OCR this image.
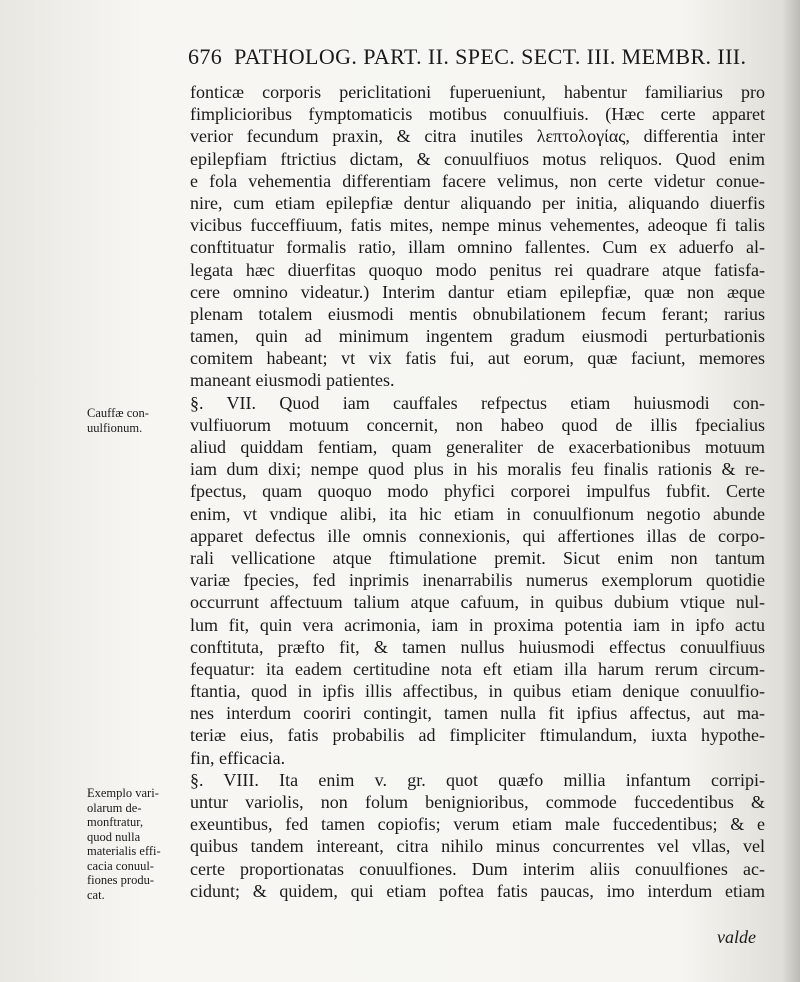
676 PATHOLOG. PART. II. SPEC. SECT. III. MEMBR. III.
fonticæ corporis periclitationi fuperueniunt, habentur familiarius pro
fimplicioribus fymptomaticis motibus conuulfiuis. (Hæc certe apparet
verior fecundum praxin, & citra inutiles λεπτολογίας, differentia inter
epilepfiam ftrictius dictam, & conuulfiuos motus reliquos. Quod enim
e fola vehementia differentiam facere velimus, non certe videtur conue-
nire, cum etiam epilepfiæ dentur aliquando per initia, aliquando diuerfis
vicibus fucceffiuum, fatis mites, nempe minus vehementes, adeoque fi talis
conftituatur formalis ratio, illam omnino fallentes. Cum ex aduerfo al-
legata hæc diuerfitas quoquo modo penitus rei quadrare atque fatisfa-
cere omnino videatur.) Interim dantur etiam epilepfiæ, quæ non æque
plenam totalem eiusmodi mentis obnubilationem fecum ferant; rarius
tamen, quin ad minimum ingentem gradum eiusmodi perturbationis
comitem habeant; vt vix fatis fui, aut eorum, quæ faciunt, memores
maneant eiusmodi patientes.
§. VII. Quod iam cauffales refpectus etiam huiusmodi con-
vulfiuorum motuum concernit, non habeo quod de illis fpecialius
aliud quiddam fentiam, quam generaliter de exacerbationibus motuum
iam dum dixi; nempe quod plus in his moralis feu finalis rationis & re-
fpectus, quam quoquo modo phyfici corporei impulfus fubfit. Certe
enim, vt vndique alibi, ita hic etiam in conuulfionum negotio abunde
apparet defectus ille omnis connexionis, qui affertiones illas de corpo-
rali vellicatione atque ftimulatione premit. Sicut enim non tantum
variæ fpecies, fed inprimis inenarrabilis numerus exemplorum quotidie
occurrunt affectuum talium atque cafuum, in quibus dubium vtique nul-
lum fit, quin vera acrimonia, iam in proxima potentia iam in ipfo actu
conftituta, præfto fit, & tamen nullus huiusmodi effectus conuulfiuus
fequatur: ita eadem certitudine nota eft etiam illa harum rerum circum-
ftantia, quod in ipfis illis affectibus, in quibus etiam denique conuulfio-
nes interdum cooriri contingit, tamen nulla fit ipfius affectus, aut ma-
teriæ eius, fatis probabilis ad fimpliciter ftimulandum, iuxta hypothe-
fin, efficacia.
§. VIII. Ita enim v. gr. quot quæfo millia infantum corripi-
untur variolis, non folum benignioribus, commode fuccedentibus &
exeuntibus, fed tamen copiofis; verum etiam male fuccedentibus; & e
quibus tandem intereant, citra nihilo minus concurrentes vel vllas, vel
certe proportionatas conuulfiones. Dum interim aliis conuulfiones ac-
cidunt; & quidem, qui etiam poftea fatis paucas, imo interdum etiam
Cauffæ con-
uulfionum.
Exemplo vari-
olarum de-
monftratur,
quod nulla
materialis effi-
cacia conuul-
fiones produ-
cat.
valde
